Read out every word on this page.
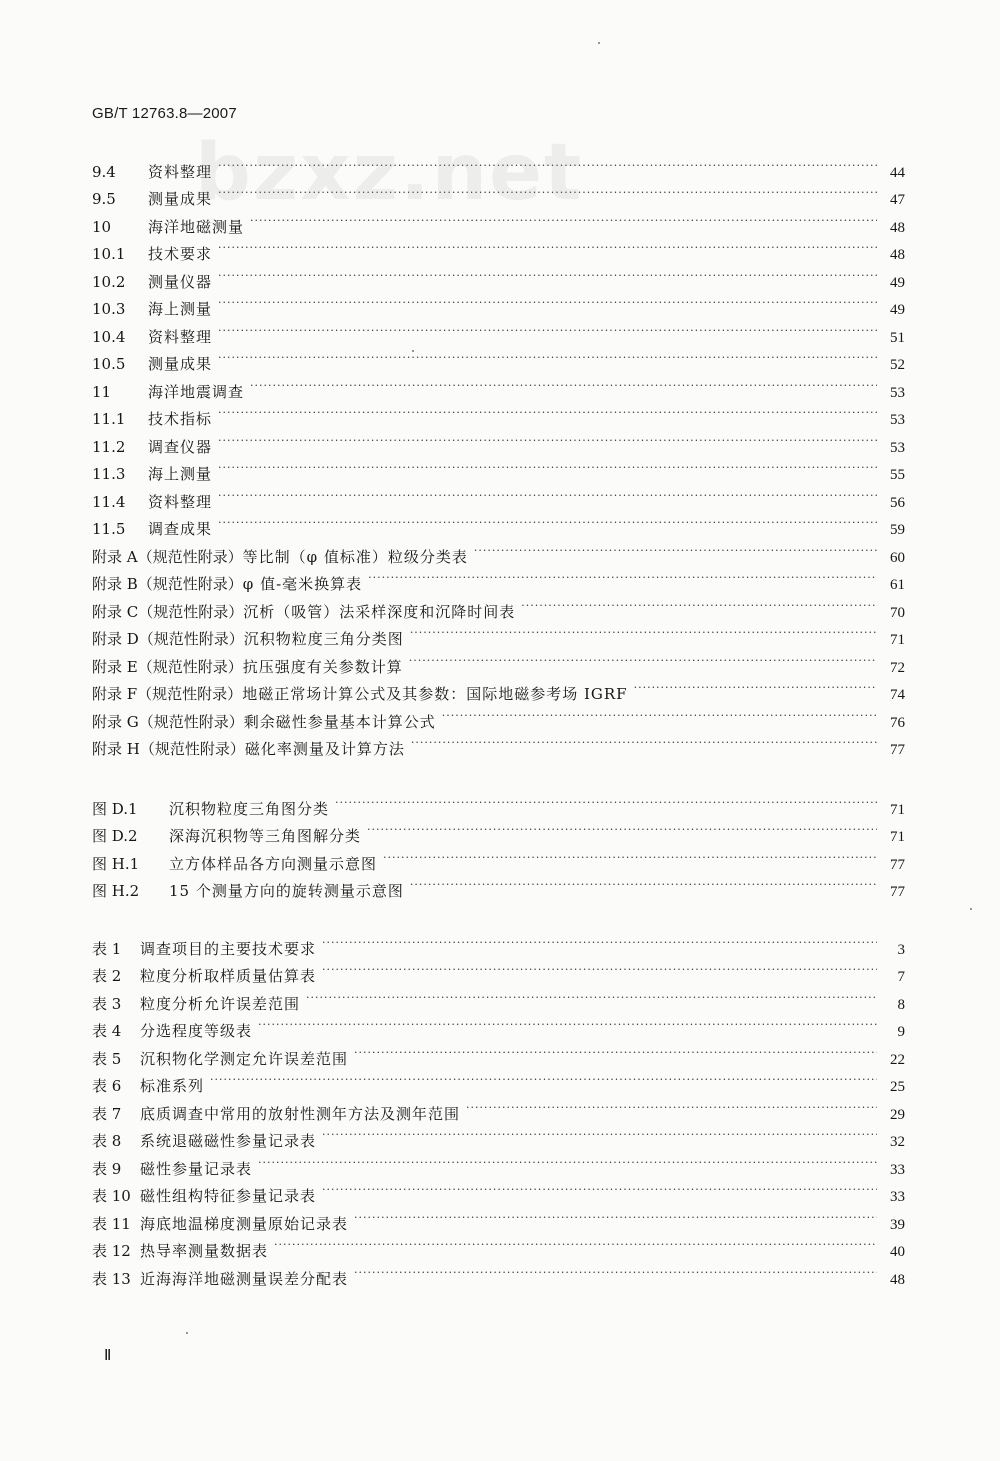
GB/T 12763.8—2007
bzxz.net
9.4	资料整理 ·····	44
9.5	测量成果 ·····	47
10	海洋地磁测量 ·····	48
10.1	技术要求 ·····	48
10.2	测量仪器 ·····	49
10.3	海上测量 ·····	49
10.4	资料整理 ·····	51
10.5	测量成果 ·····	52
11	海洋地震调查 ·····	53
11.1	技术指标 ·····	53
11.2	调查仪器 ·····	53
11.3	海上测量 ·····	55
11.4	资料整理 ·····	56
11.5	调查成果 ·····	59
附录 A（规范性附录） 等比制（φ 值标准）粒级分类表 ·····	60
附录 B（规范性附录） φ 值-毫米换算表 ·····	61
附录 C（规范性附录） 沉析（吸管）法采样深度和沉降时间表 ·····	70
附录 D（规范性附录） 沉积物粒度三角分类图 ·····	71
附录 E（规范性附录） 抗压强度有关参数计算 ·····	72
附录 F（规范性附录） 地磁正常场计算公式及其参数：国际地磁参考场 IGRF ·····	74
附录 G（规范性附录） 剩余磁性参量基本计算公式 ·····	76
附录 H（规范性附录） 磁化率测量及计算方法 ·····	77
图 D.1	沉积物粒度三角图分类 ·····	71
图 D.2	深海沉积物等三角图解分类 ·····	71
图 H.1	立方体样品各方向测量示意图 ·····	77
图 H.2	15 个测量方向的旋转测量示意图 ·····	77
表 1	调查项目的主要技术要求 ·····	3
表 2	粒度分析取样质量估算表 ·····	7
表 3	粒度分析允许误差范围 ·····	8
表 4	分选程度等级表 ·····	9
表 5	沉积物化学测定允许误差范围 ·····	22
表 6	标准系列 ·····	25
表 7	底质调查中常用的放射性测年方法及测年范围 ·····	29
表 8	系统退磁磁性参量记录表 ·····	32
表 9	磁性参量记录表 ·····	33
表 10 磁性组构特征参量记录表 ·····	33
表 11 海底地温梯度测量原始记录表 ·····	39
表 12 热导率测量数据表 ·····	40
表 13 近海海洋地磁测量误差分配表 ·····	48
Ⅱ
